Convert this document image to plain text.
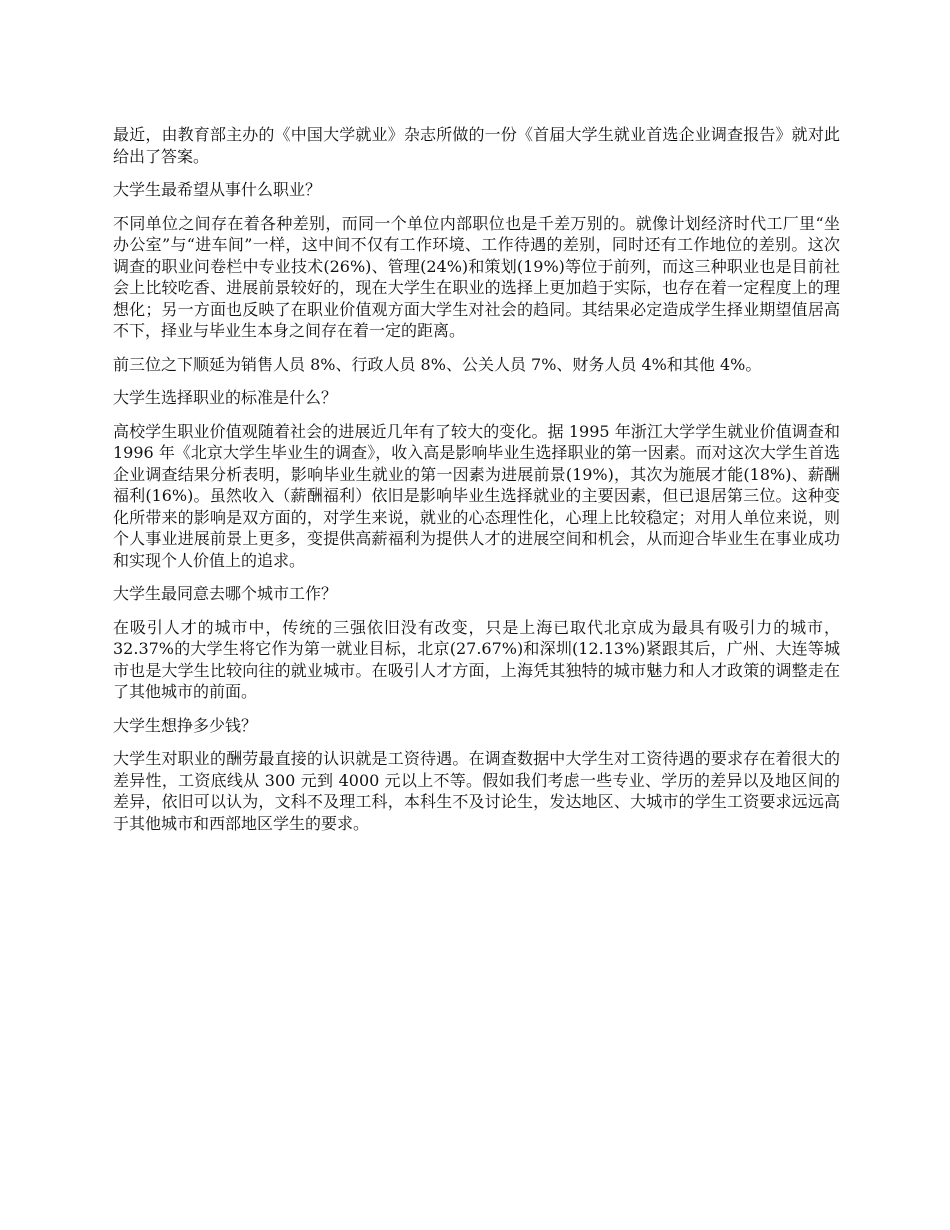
最近，由教育部主办的《中国大学就业》杂志所做的一份《首届大学生就业首选企业调查报告》就对此给出了答案。

大学生最希望从事什么职业？

不同单位之间存在着各种差别，而同一个单位内部职位也是千差万别的。就像计划经济时代工厂里“坐办公室”与“进车间”一样，这中间不仅有工作环境、工作待遇的差别，同时还有工作地位的差别。这次调查的职业问卷栏中专业技术(26%)、管理(24%)和策划(19%)等位于前列，而这三种职业也是目前社会上比较吃香、进展前景较好的，现在大学生在职业的选择上更加趋于实际，也存在着一定程度上的理想化；另一方面也反映了在职业价值观方面大学生对社会的趋同。其结果必定造成学生择业期望值居高不下，择业与毕业生本身之间存在着一定的距离。

前三位之下顺延为销售人员 8%、行政人员 8%、公关人员 7%、财务人员 4%和其他 4%。

大学生选择职业的标准是什么？

高校学生职业价值观随着社会的进展近几年有了较大的变化。据 1995 年浙江大学学生就业价值调查和 1996 年《北京大学生毕业生的调查》，收入高是影响毕业生选择职业的第一因素。而对这次大学生首选企业调查结果分析表明，影响毕业生就业的第一因素为进展前景(19%)，其次为施展才能(18%)、薪酬福利(16%)。虽然收入（薪酬福利）依旧是影响毕业生选择就业的主要因素，但已退居第三位。这种变化所带来的影响是双方面的，对学生来说，就业的心态理性化，心理上比较稳定；对用人单位来说，则个人事业进展前景上更多，变提供高薪福利为提供人才的进展空间和机会，从而迎合毕业生在事业成功和实现个人价值上的追求。

大学生最同意去哪个城市工作？

在吸引人才的城市中，传统的三强依旧没有改变，只是上海已取代北京成为最具有吸引力的城市，32.37%的大学生将它作为第一就业目标，北京(27.67%)和深圳(12.13%)紧跟其后，广州、大连等城市也是大学生比较向往的就业城市。在吸引人才方面，上海凭其独特的城市魅力和人才政策的调整走在了其他城市的前面。

大学生想挣多少钱？

大学生对职业的酬劳最直接的认识就是工资待遇。在调查数据中大学生对工资待遇的要求存在着很大的差异性，工资底线从 300 元到 4000 元以上不等。假如我们考虑一些专业、学历的差异以及地区间的差异，依旧可以认为，文科不及理工科，本科生不及讨论生，发达地区、大城市的学生工资要求远远高于其他城市和西部地区学生的要求。
